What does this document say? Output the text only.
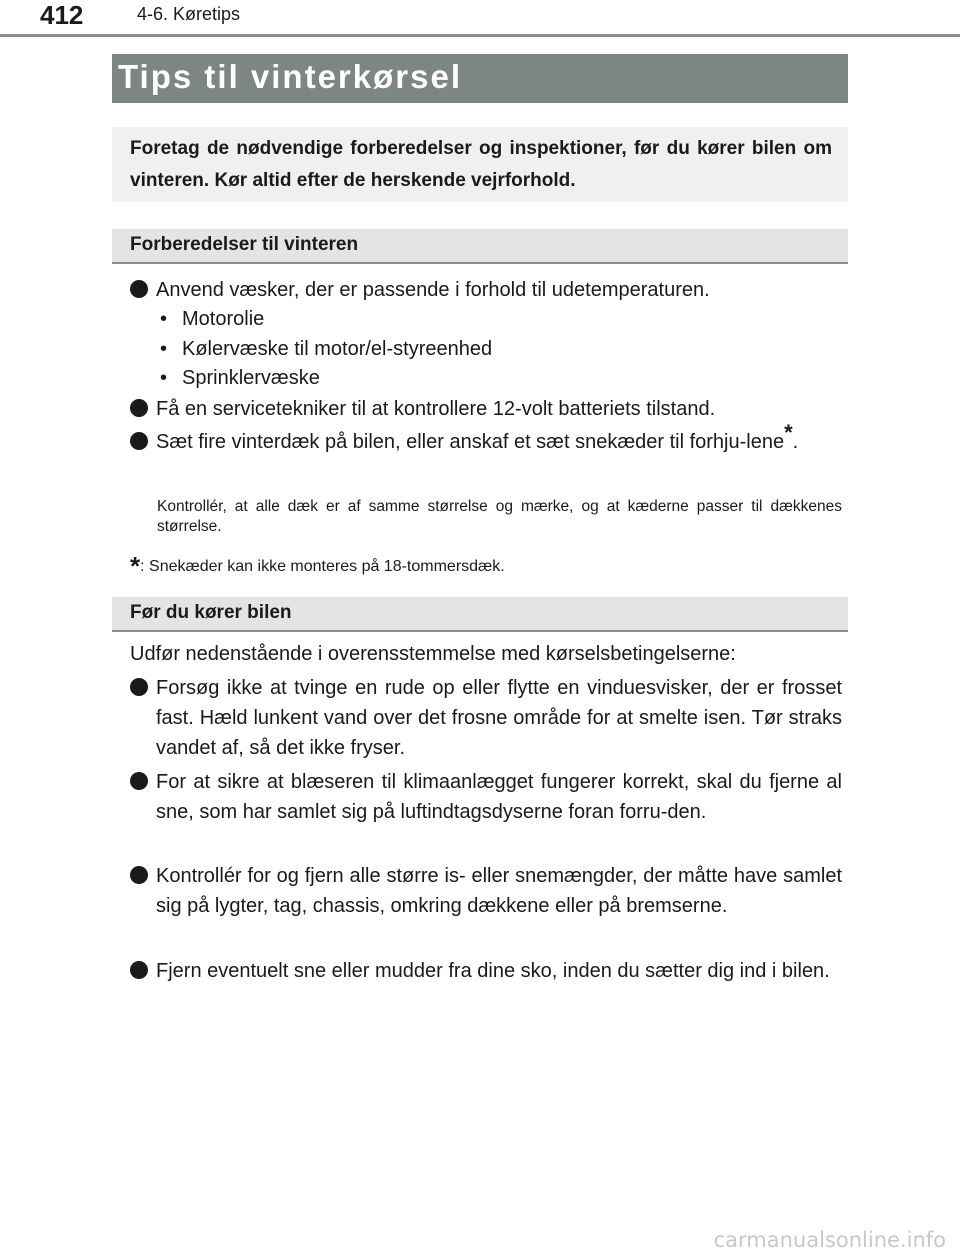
412	4-6. Køretips
Tips til vinterkørsel
Foretag de nødvendige forberedelser og inspektioner, før du kører bilen om vinteren. Kør altid efter de herskende vejrforhold.
Forberedelser til vinteren
Anvend væsker, der er passende i forhold til udetemperaturen.
• Motorolie
• Kølervæske til motor/el-styreenhed
• Sprinklervæske
Få en servicetekniker til at kontrollere 12-volt batteriets tilstand.
Sæt fire vinterdæk på bilen, eller anskaf et sæt snekæder til forhju-lene*.
Kontrollér, at alle dæk er af samme størrelse og mærke, og at kæderne passer til dækkenes størrelse.
*: Snekæder kan ikke monteres på 18-tommersdæk.
Før du kører bilen
Udfør nedenstående i overensstemmelse med kørselsbetingelserne:
Forsøg ikke at tvinge en rude op eller flytte en vinduesvisker, der er frosset fast. Hæld lunkent vand over det frosne område for at smelte isen. Tør straks vandet af, så det ikke fryser.
For at sikre at blæseren til klimaanlægget fungerer korrekt, skal du fjerne al sne, som har samlet sig på luftindtagsdyserne foran forru-den.
Kontrollér for og fjern alle større is- eller snemængder, der måtte have samlet sig på lygter, tag, chassis, omkring dækkene eller på bremserne.
Fjern eventuelt sne eller mudder fra dine sko, inden du sætter dig ind i bilen.
carmanualsonline.info
